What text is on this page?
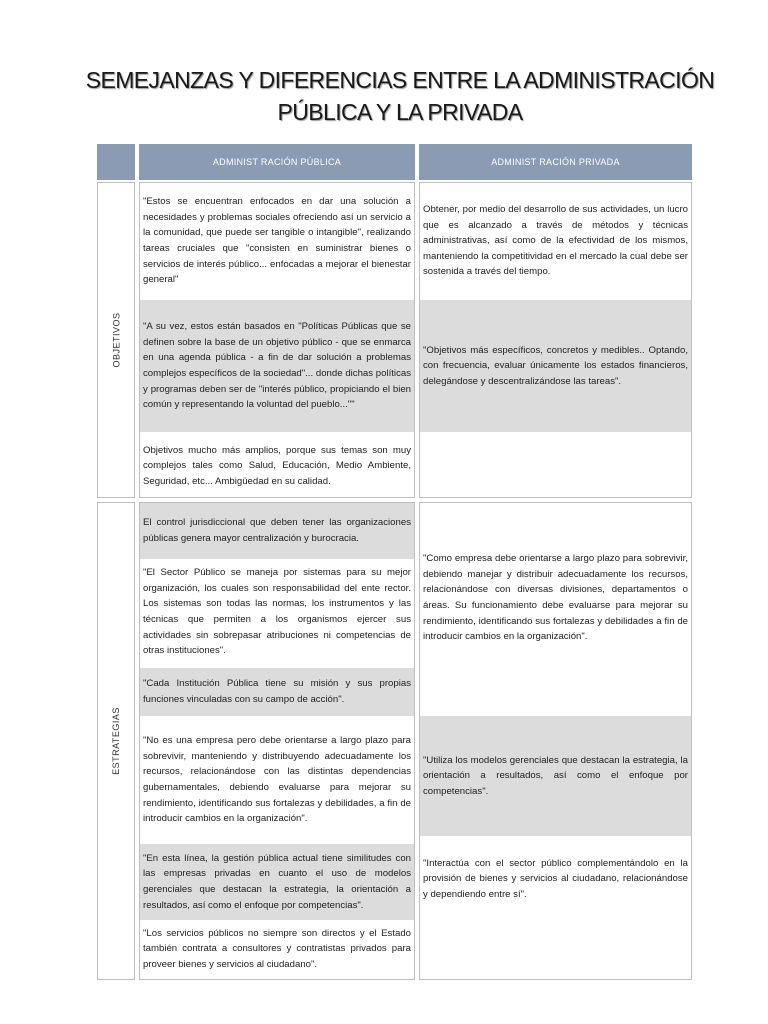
SEMEJANZAS Y DIFERENCIAS ENTRE LA ADMINISTRACIÓN
PÚBLICA Y LA PRIVADA
ADMINIST RACIÓN PÚBLICA	ADMINIST RACIÓN PRIVADA
OBJETIVOS
ESTRATEGIAS

"Estos se encuentran enfocados en dar una solución a necesidades y problemas sociales ofreciendo así un servicio a la comunidad, que puede ser tangible o intangible", realizando tareas cruciales que "consisten en suministrar bienes o servicios de interés público... enfocadas a mejorar el bienestar general"

"A su vez, estos están basados en "Políticas Públicas que se definen sobre la base de un objetivo público - que se enmarca en una agenda pública - a fin de dar solución a problemas complejos específicos de la sociedad"... donde dichas políticas y programas deben ser de "interés público, propiciando el bien común y representando la voluntad del pueblo...""

Objetivos mucho más amplios, porque sus temas son muy complejos tales como Salud, Educación, Medio Ambiente, Seguridad, etc... Ambigüedad en su calidad.

Obtener, por medio del desarrollo de sus actividades, un lucro que es alcanzado a través de métodos y técnicas administrativas, así como de la efectividad de los mismos, manteniendo la competitividad en el mercado la cual debe ser sostenida a través del tiempo.

"Objetivos más específicos, concretos y medibles.. Optando, con frecuencia, evaluar únicamente los estados financieros, delegándose y descentralizándose las tareas".

El control jurisdiccional que deben tener las organizaciones públicas genera mayor centralización y burocracia.

"El Sector Público se maneja por sistemas para su mejor organización, los cuales son responsabilidad del ente rector. Los sistemas son todas las normas, los instrumentos y las técnicas que permiten a los organismos ejercer sus actividades sin sobrepasar atribuciones ni competencias de otras instituciones".

"Cada Institución Pública tiene su misión y sus propias funciones vinculadas con su campo de acción".

"No es una empresa pero debe orientarse a largo plazo para sobrevivir, manteniendo y distribuyendo adecuadamente los recursos, relacionándose con las distintas dependencias gubernamentales, debiendo evaluarse para mejorar su rendimiento, identificando sus fortalezas y debilidades, a fin de introducir cambios en la organización".

"En esta línea, la gestión pública actual tiene similitudes con las empresas privadas en cuanto el uso de modelos gerenciales que destacan la estrategia, la orientación a resultados, así como el enfoque por competencias".

"Los servicios públicos no siempre son directos y el Estado también contrata a consultores y contratistas privados para proveer bienes y servicios al ciudadano".

"Como empresa debe orientarse a largo plazo para sobrevivir, debiendo manejar y distribuir adecuadamente los recursos, relacionándose con diversas divisiones, departamentos o áreas. Su funcionamiento debe evaluarse para mejorar su rendimiento, identificando sus fortalezas y debilidades a fin de introducir cambios en la organización".

"Utiliza los modelos gerenciales que destacan la estrategia, la orientación a resultados, así como el enfoque por competencias".

"Interactúa con el sector público complementándolo en la provisión de bienes y servicios al ciudadano, relacionándose y dependiendo entre sí".
